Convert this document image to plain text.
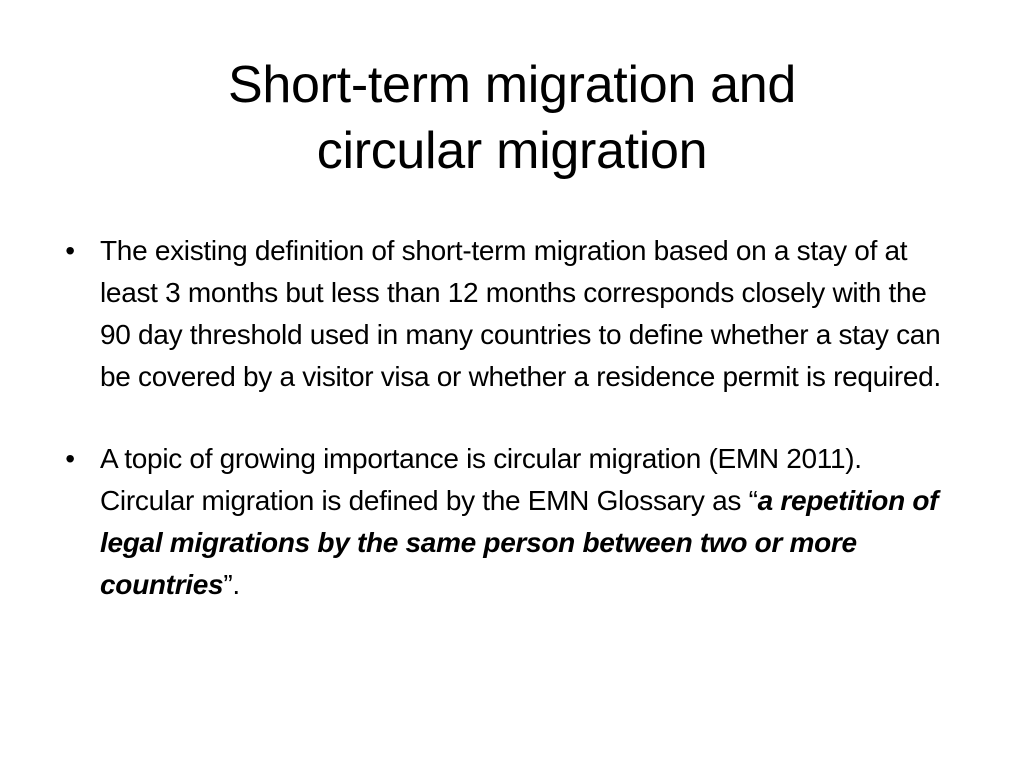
Short-term migration and
circular migration
• The existing definition of short-term migration based on a stay of at least 3 months but less than 12 months corresponds closely with the 90 day threshold used in many countries to define whether a stay can be covered by a visitor visa or whether a residence permit is required.
• A topic of growing importance is circular migration (EMN 2011). Circular migration is defined by the EMN Glossary as “a repetition of legal migrations by the same person between two or more countries”.
